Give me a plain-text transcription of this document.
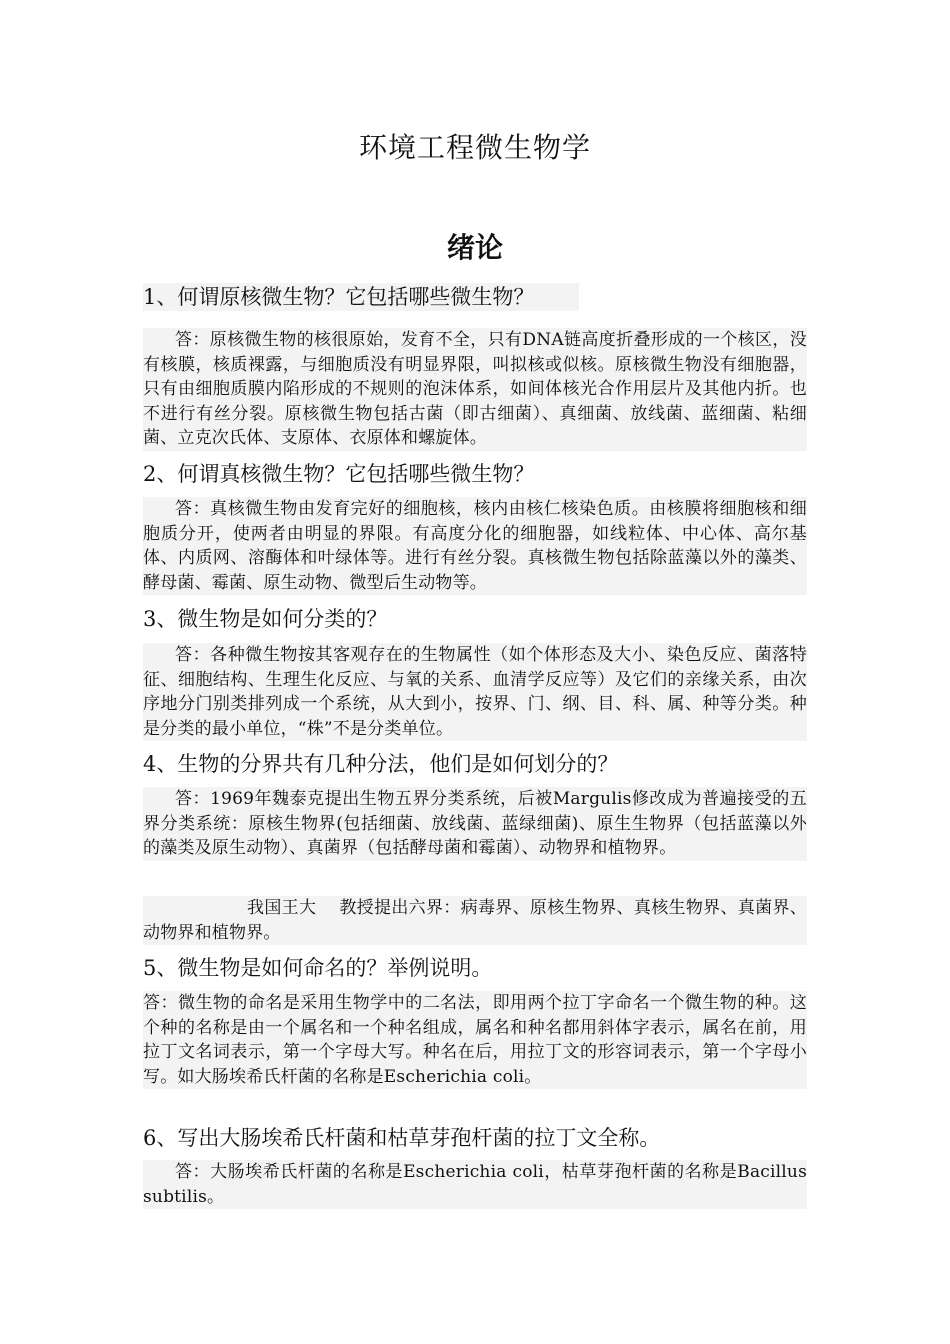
环境工程微生物学
绪论
1、何谓原核微生物？它包括哪些微生物？

答：原核微生物的核很原始，发育不全，只有DNA链高度折叠形成的一个核区，没有核膜，核质裸露，与细胞质没有明显界限，叫拟核或似核。原核微生物没有细胞器，只有由细胞质膜内陷形成的不规则的泡沫体系，如间体核光合作用层片及其他内折。也不进行有丝分裂。原核微生物包括古菌（即古细菌）、真细菌、放线菌、蓝细菌、粘细菌、立克次氏体、支原体、衣原体和螺旋体。

2、何谓真核微生物？它包括哪些微生物？

答：真核微生物由发育完好的细胞核，核内由核仁核染色质。由核膜将细胞核和细胞质分开，使两者由明显的界限。有高度分化的细胞器，如线粒体、中心体、高尔基体、内质网、溶酶体和叶绿体等。进行有丝分裂。真核微生物包括除蓝藻以外的藻类、酵母菌、霉菌、原生动物、微型后生动物等。

3、微生物是如何分类的？

答：各种微生物按其客观存在的生物属性（如个体形态及大小、染色反应、菌落特征、细胞结构、生理生化反应、与氧的关系、血清学反应等）及它们的亲缘关系，由次序地分门别类排列成一个系统，从大到小，按界、门、纲、目、科、属、种等分类。种是分类的最小单位，“株”不是分类单位。

4、生物的分界共有几种分法，他们是如何划分的？

答：1969年魏泰克提出生物五界分类系统，后被Margulis修改成为普遍接受的五界分类系统：原核生物界(包括细菌、放线菌、蓝绿细菌)、原生生物界（包括蓝藻以外的藻类及原生动物）、真菌界（包括酵母菌和霉菌）、动物界和植物界。

我国王大　 教授提出六界：病毒界、原核生物界、真核生物界、真菌界、动物界和植物界。

5、微生物是如何命名的？举例说明。

答：微生物的命名是采用生物学中的二名法，即用两个拉丁字命名一个微生物的种。这个种的名称是由一个属名和一个种名组成，属名和种名都用斜体字表示，属名在前，用拉丁文名词表示，第一个字母大写。种名在后，用拉丁文的形容词表示，第一个字母小写。如大肠埃希氏杆菌的名称是Escherichia coli。

6、写出大肠埃希氏杆菌和枯草芽孢杆菌的拉丁文全称。

答：大肠埃希氏杆菌的名称是Escherichia coli，枯草芽孢杆菌的名称是Bacillus subtilis。
